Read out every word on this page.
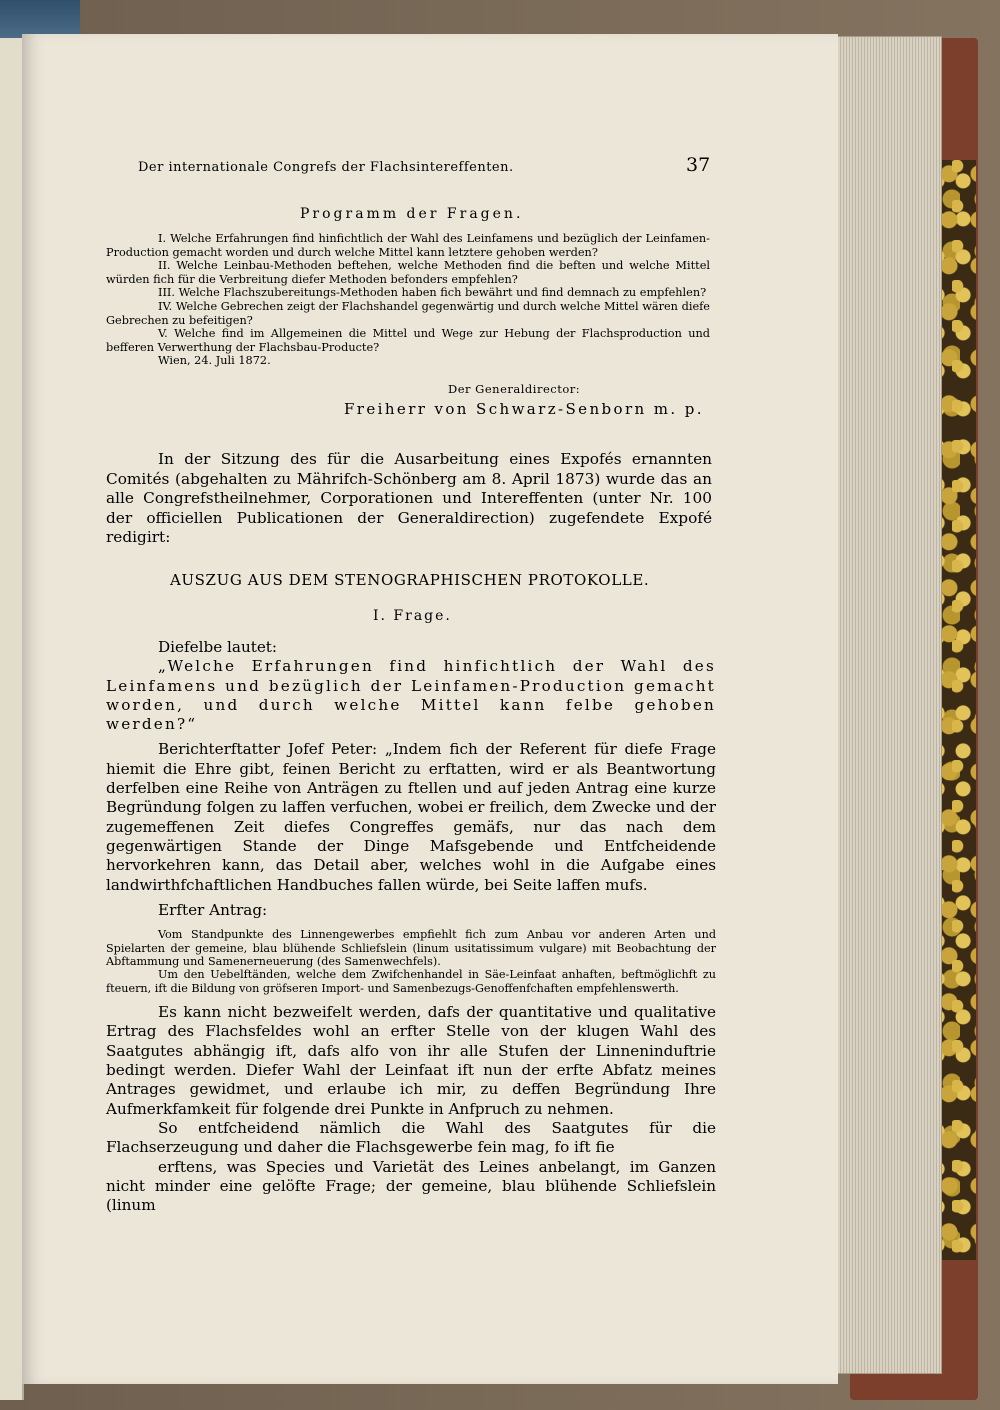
Der internationale Congrefs der Flachsintereffenten.	37
Programm der Fragen.

I. Welche Erfahrungen find hinfichtlich der Wahl des Leinfamens und bezüglich der Leinfamen-Production gemacht worden und durch welche Mittel kann letztere gehoben werden?

II. Welche Leinbau-Methoden beftehen, welche Methoden find die beften und welche Mittel würden fich für die Verbreitung diefer Methoden befonders empfehlen?

III. Welche Flachszubereitungs-Methoden haben fich bewährt und find demnach zu empfehlen?

IV. Welche Gebrechen zeigt der Flachshandel gegenwärtig und durch welche Mittel wären diefe Gebrechen zu befeitigen?

V. Welche find im Allgemeinen die Mittel und Wege zur Hebung der Flachsproduction und befferen Verwerthung der Flachsbau-Producte?

Wien, 24. Juli 1872.

Der Generaldirector:
Freiherr von Schwarz-Senborn m. p.

In der Sitzung des für die Ausarbeitung eines Expofés ernannten Comités (abgehalten zu Mährifch-Schönberg am 8. April 1873) wurde das an alle Congrefstheilnehmer, Corporationen und Intereffenten (unter Nr. 100 der officiellen Publicationen der Generaldirection) zugefendete Expofé redigirt:

AUSZUG AUS DEM STENOGRAPHISCHEN PROTOKOLLE.
I. Frage.

Diefelbe lautet:

„Welche Erfahrungen find hinfichtlich der Wahl des Leinfamens und bezüglich der Leinfamen-Production gemacht worden, und durch welche Mittel kann felbe gehoben werden?“

Berichterftatter Jofef Peter: „Indem fich der Referent für diefe Frage hiemit die Ehre gibt, feinen Bericht zu erftatten, wird er als Beantwortung derfelben eine Reihe von Anträgen zu ftellen und auf jeden Antrag eine kurze Begründung folgen zu laffen verfuchen, wobei er freilich, dem Zwecke und der zugemeffenen Zeit diefes Congreffes gemäfs, nur das nach dem gegenwärtigen Stande der Dinge Mafsgebende und Entfcheidende hervorkehren kann, das Detail aber, welches wohl in die Aufgabe eines landwirthfchaftlichen Handbuches fallen würde, bei Seite laffen mufs.

Erfter Antrag:

Vom Standpunkte des Linnengewerbes empfiehlt fich zum Anbau vor anderen Arten und Spielarten der gemeine, blau blühende Schliefslein (linum usitatissimum vulgare) mit Beobachtung der Abftammung und Samenerneuerung (des Samenwechfels).

Um den Uebelftänden, welche dem Zwifchenhandel in Säe-Leinfaat anhaften, beftmöglichft zu fteuern, ift die Bildung von gröfseren Import- und Samenbezugs-Genoffenfchaften empfehlenswerth.

Es kann nicht bezweifelt werden, dafs der quantitative und qualitative Ertrag des Flachsfeldes wohl an erfter Stelle von der klugen Wahl des Saatgutes abhängig ift, dafs alfo von ihr alle Stufen der Linneninduftrie bedingt werden. Diefer Wahl der Leinfaat ift nun der erfte Abfatz meines Antrages gewidmet, und erlaube ich mir, zu deffen Begründung Ihre Aufmerkfamkeit für folgende drei Punkte in Anfpruch zu nehmen.

So entfcheidend nämlich die Wahl des Saatgutes für die Flachserzeugung und daher die Flachsgewerbe fein mag, fo ift fie

erftens, was Species und Varietät des Leines anbelangt, im Ganzen nicht minder eine gelöfte Frage; der gemeine, blau blühende Schliefslein (linum
